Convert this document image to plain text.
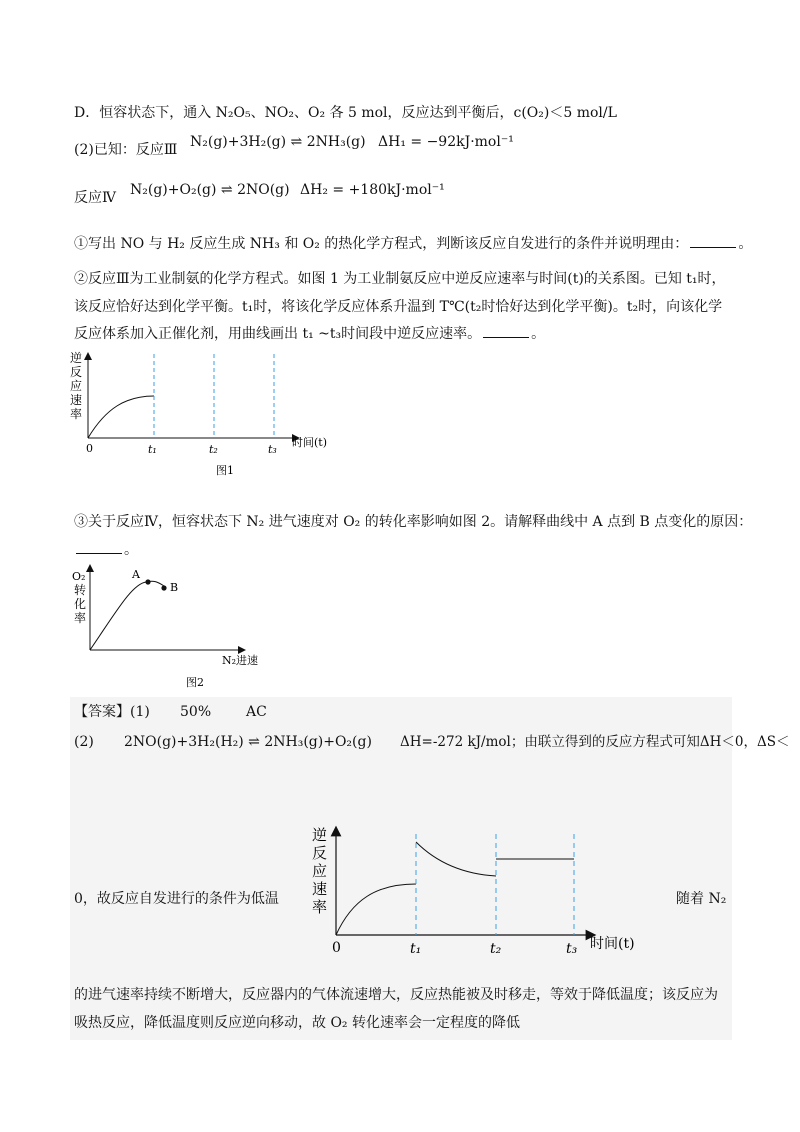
D．恒容状态下，通入 N₂O₅、NO₂、O₂ 各 5 mol，反应达到平衡后，c(O₂)＜5 mol/L
(2)已知：反应Ⅲ N₂(g)+3H₂(g) ⇌ 2NH₃(g) ΔH₁ = −92kJ·mol⁻¹
反应Ⅳ N₂(g)+O₂(g) ⇌ 2NO(g) ΔH₂ = +180kJ·mol⁻¹
①写出 NO 与 H₂ 反应生成 NH₃ 和 O₂ 的热化学方程式，判断该反应自发进行的条件并说明理由：	。
②反应Ⅲ为工业制氨的化学方程式。如图 1 为工业制氨反应中逆反应速率与时间(t)的关系图。已知 t₁时，
该反应恰好达到化学平衡。t₁时，将该化学反应体系升温到 T℃(t₂时恰好达到化学平衡)。t₂时，向该化学
反应体系加入正催化剂，用曲线画出 t₁ ~t₃时间段中逆反应速率。	。
逆
反
应
速
率
0	t₁	t₂	t₃
时间(t)
图1
③关于反应Ⅳ，恒容状态下 N₂ 进气速度对 O₂ 的转化率影响如图 2。请解释曲线中 A 点到 B 点变化的原因：
。
A
B
O₂
转
化
率
N₂进速
图2
【答案】 (1) 50% AC
(2) 2NO(g)+3H₂(H₂) ⇌ 2NH₃(g)+O₂(g) ΔH=-272 kJ/mol；由联立得到的反应方程式可知ΔH＜0，ΔS＜
0，故反应自发进行的条件为低温	随着 N₂
逆
反
应
速
率
0	t₁	t₂	t₃ 时间(t)
的进气速率持续不断增大，反应器内的气体流速增大，反应热能被及时移走，等效于降低温度；该反应为
吸热反应，降低温度则反应逆向移动，故 O₂ 转化速率会一定程度的降低
